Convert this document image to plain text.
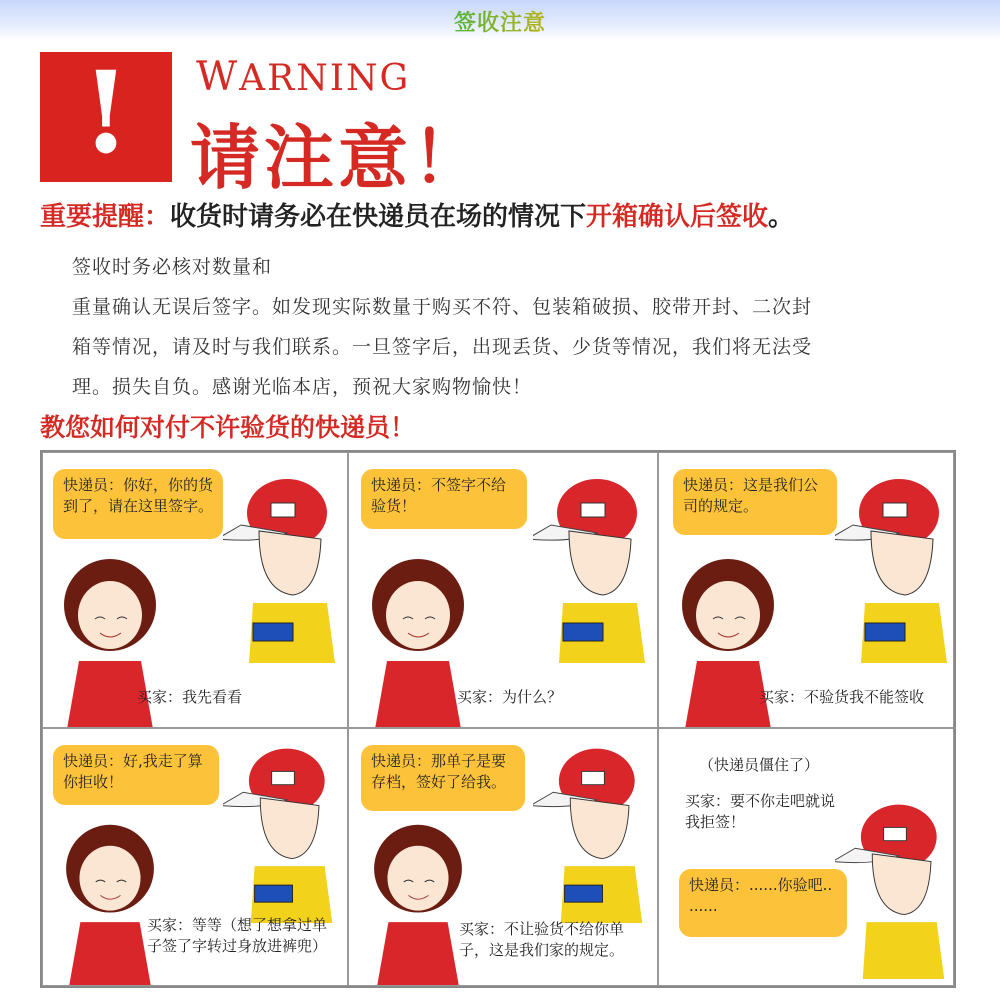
签收注意
!	WARNING
请注意！
重要提醒：收货时请务必在快递员在场的情况下开箱确认后签收。
签收时务必核对数量和
重量确认无误后签字。如发现实际数量于购买不符、包装箱破损、胶带开封、二次封
箱等情况，请及时与我们联系。一旦签字后，出现丢货、少货等情况，我们将无法受
理。损失自负。感谢光临本店，预祝大家购物愉快！
教您如何对付不许验货的快递员！
快递员：你好，你的货到了，请在这里签字。
买家：我先看看
快递员：不签字不给验货！
买家：为什么？
快递员：这是我们公司的规定。
买家：不验货我不能签收
快递员：好,我走了算你拒收！
买家：等等（想了想拿过单子签了字转过身放进裤兜）
快递员：那单子是要存档，签好了给我。
买家：不让验货不给你单子，这是我们家的规定。
（快递员僵住了）
买家：要不你走吧就说我拒签！
快递员：......你验吧.. ......
